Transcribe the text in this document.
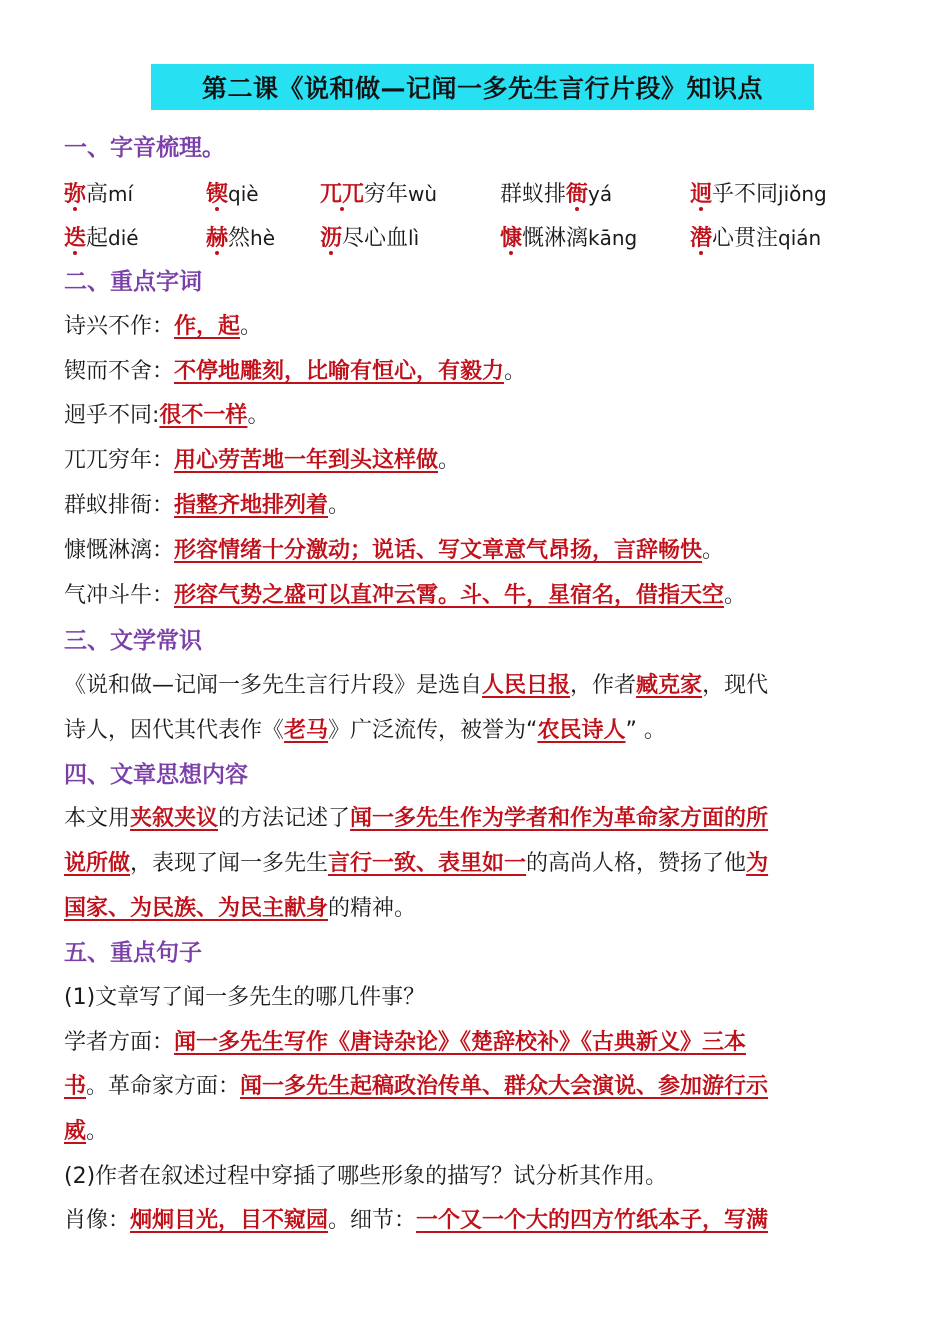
第二课《说和做—记闻一多先生言行片段》知识点
一、字音梳理。
弥高mí	锲qiè	兀兀穷年wù	群蚁排衙yá	迥乎不同jiǒng
迭起dié	赫然hè 沥尽心血lì	慷慨淋漓kāng 潜心贯注qián
二、重点字词
诗兴不作：作，起。
锲而不舍：不停地雕刻，比喻有恒心，有毅力。
迥乎不同:很不一样。
兀兀穷年：用心劳苦地一年到头这样做。
群蚁排衙：指整齐地排列着。
慷慨淋漓：形容情绪十分激动；说话、写文章意气昂扬，言辞畅快。
气冲斗牛：形容气势之盛可以直冲云霄。斗、牛，星宿名，借指天空。
三、文学常识
《说和做—记闻一多先生言行片段》是选自人民日报，作者臧克家，现代
诗人，因代其代表作《老马》广泛流传，被誉为“农民诗人” 。
四、文章思想内容
本文用夹叙夹议的方法记述了闻一多先生作为学者和作为革命家方面的所
说所做，表现了闻一多先生言行一致、表里如一的高尚人格，赞扬了他为
国家、为民族、为民主献身的精神。
五、重点句子
(1)文章写了闻一多先生的哪几件事？
学者方面：闻一多先生写作《唐诗杂论》《楚辞校补》《古典新义》三本
书。革命家方面：闻一多先生起稿政治传单、群众大会演说、参加游行示
威。
(2)作者在叙述过程中穿插了哪些形象的描写？试分析其作用。
肖像：炯炯目光，目不窥园。细节：一个又一个大的四方竹纸本子，写满
